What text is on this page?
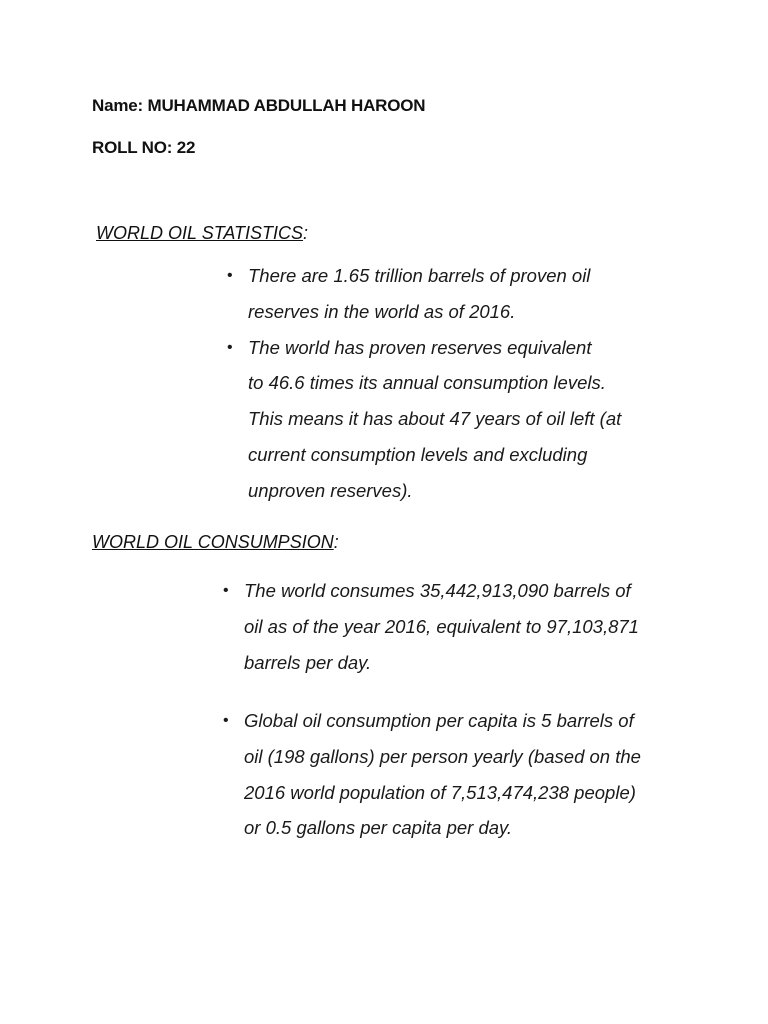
Name: MUHAMMAD ABDULLAH HAROON
ROLL NO: 22
WORLD OIL STATISTICS:
• There are 1.65 trillion barrels of proven oil
reserves in the world as of 2016.
• The world has proven reserves equivalent
to 46.6 times its annual consumption levels.
This means it has about 47 years of oil left (at
current consumption levels and excluding
unproven reserves).
WORLD OIL CONSUMPSION:
• The world consumes 35,442,913,090 barrels of
oil as of the year 2016, equivalent to 97,103,871
barrels per day.
• Global oil consumption per capita is 5 barrels of
oil (198 gallons) per person yearly (based on the
2016 world population of 7,513,474,238 people)
or 0.5 gallons per capita per day.
